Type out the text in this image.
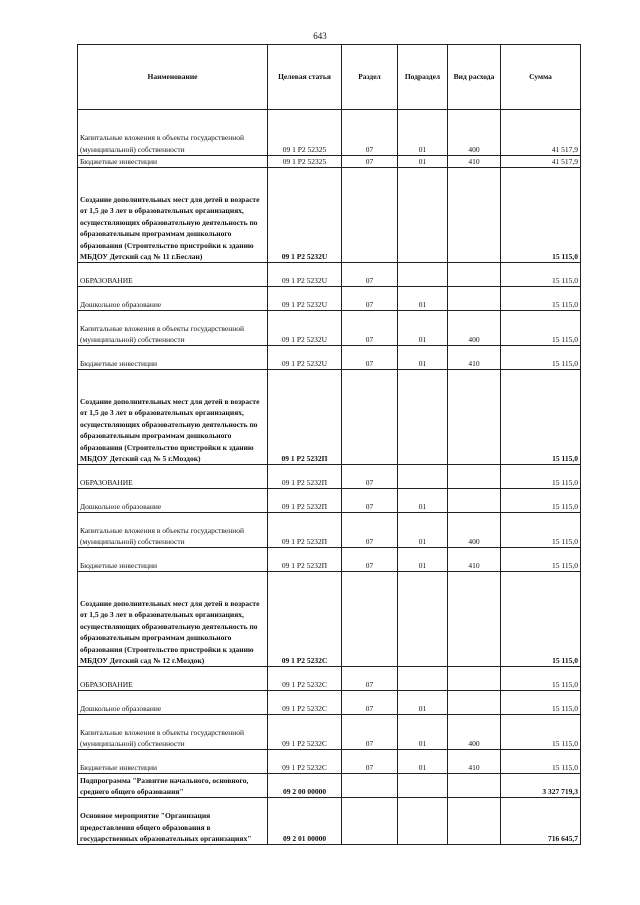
643
Наименование	Целевая статья	Раздел	Подраздел	Вид расхода	Сумма
Капитальные вложения в объекты государственной (муниципальной) собственности	09 1 P2 52325	07	01	400	41 517,9
Бюджетные инвестиции	09 1 P2 52325	07	01	410	41 517,9
Создание дополнительных мест для детей в возрасте от 1,5 до 3 лет в образовательных организациях, осуществляющих образовательную деятельность по образовательным программам дошкольного образования (Строительство пристройки к зданию МБДОУ Детский сад № 11 г.Беслан)	09 1 P2 5232U				15 115,0
ОБРАЗОВАНИЕ	09 1 P2 5232U	07			15 115,0
Дошкольное образование	09 1 P2 5232U	07	01		15 115,0
Капитальные вложения в объекты государственной (муниципальной) собственности	09 1 P2 5232U	07	01	400	15 115,0
Бюджетные инвестиции	09 1 P2 5232U	07	01	410	15 115,0
Создание дополнительных мест для детей в возрасте от 1,5 до 3 лет в образовательных организациях, осуществляющих образовательную деятельность по образовательным программам дошкольного образования (Строительство пристройки к зданию МБДОУ Детский сад № 5 г.Моздок)	09 1 P2 5232П				15 115,0
ОБРАЗОВАНИЕ	09 1 P2 5232П	07			15 115,0
Дошкольное образование	09 1 P2 5232П	07	01		15 115,0
Капитальные вложения в объекты государственной (муниципальной) собственности	09 1 P2 5232П	07	01	400	15 115,0
Бюджетные инвестиции	09 1 P2 5232П	07	01	410	15 115,0
Создание дополнительных мест для детей в возрасте от 1,5 до 3 лет в образовательных организациях, осуществляющих образовательную деятельность по образовательным программам дошкольного образования (Строительство пристройки к зданию МБДОУ Детский сад № 12 г.Моздок)	09 1 P2 5232С				15 115,0
ОБРАЗОВАНИЕ	09 1 P2 5232С	07			15 115,0
Дошкольное образование	09 1 P2 5232С	07	01		15 115,0
Капитальные вложения в объекты государственной (муниципальной) собственности	09 1 P2 5232С	07	01	400	15 115,0
Бюджетные инвестиции	09 1 P2 5232С	07	01	410	15 115,0
Подпрограмма "Развитие начального, основного, среднего общего образования"	09 2 00 00000				3 327 719,3
Основное мероприятие "Организация предоставления общего образования в государственных образовательных организациях"	09 2 01 00000				716 645,7
